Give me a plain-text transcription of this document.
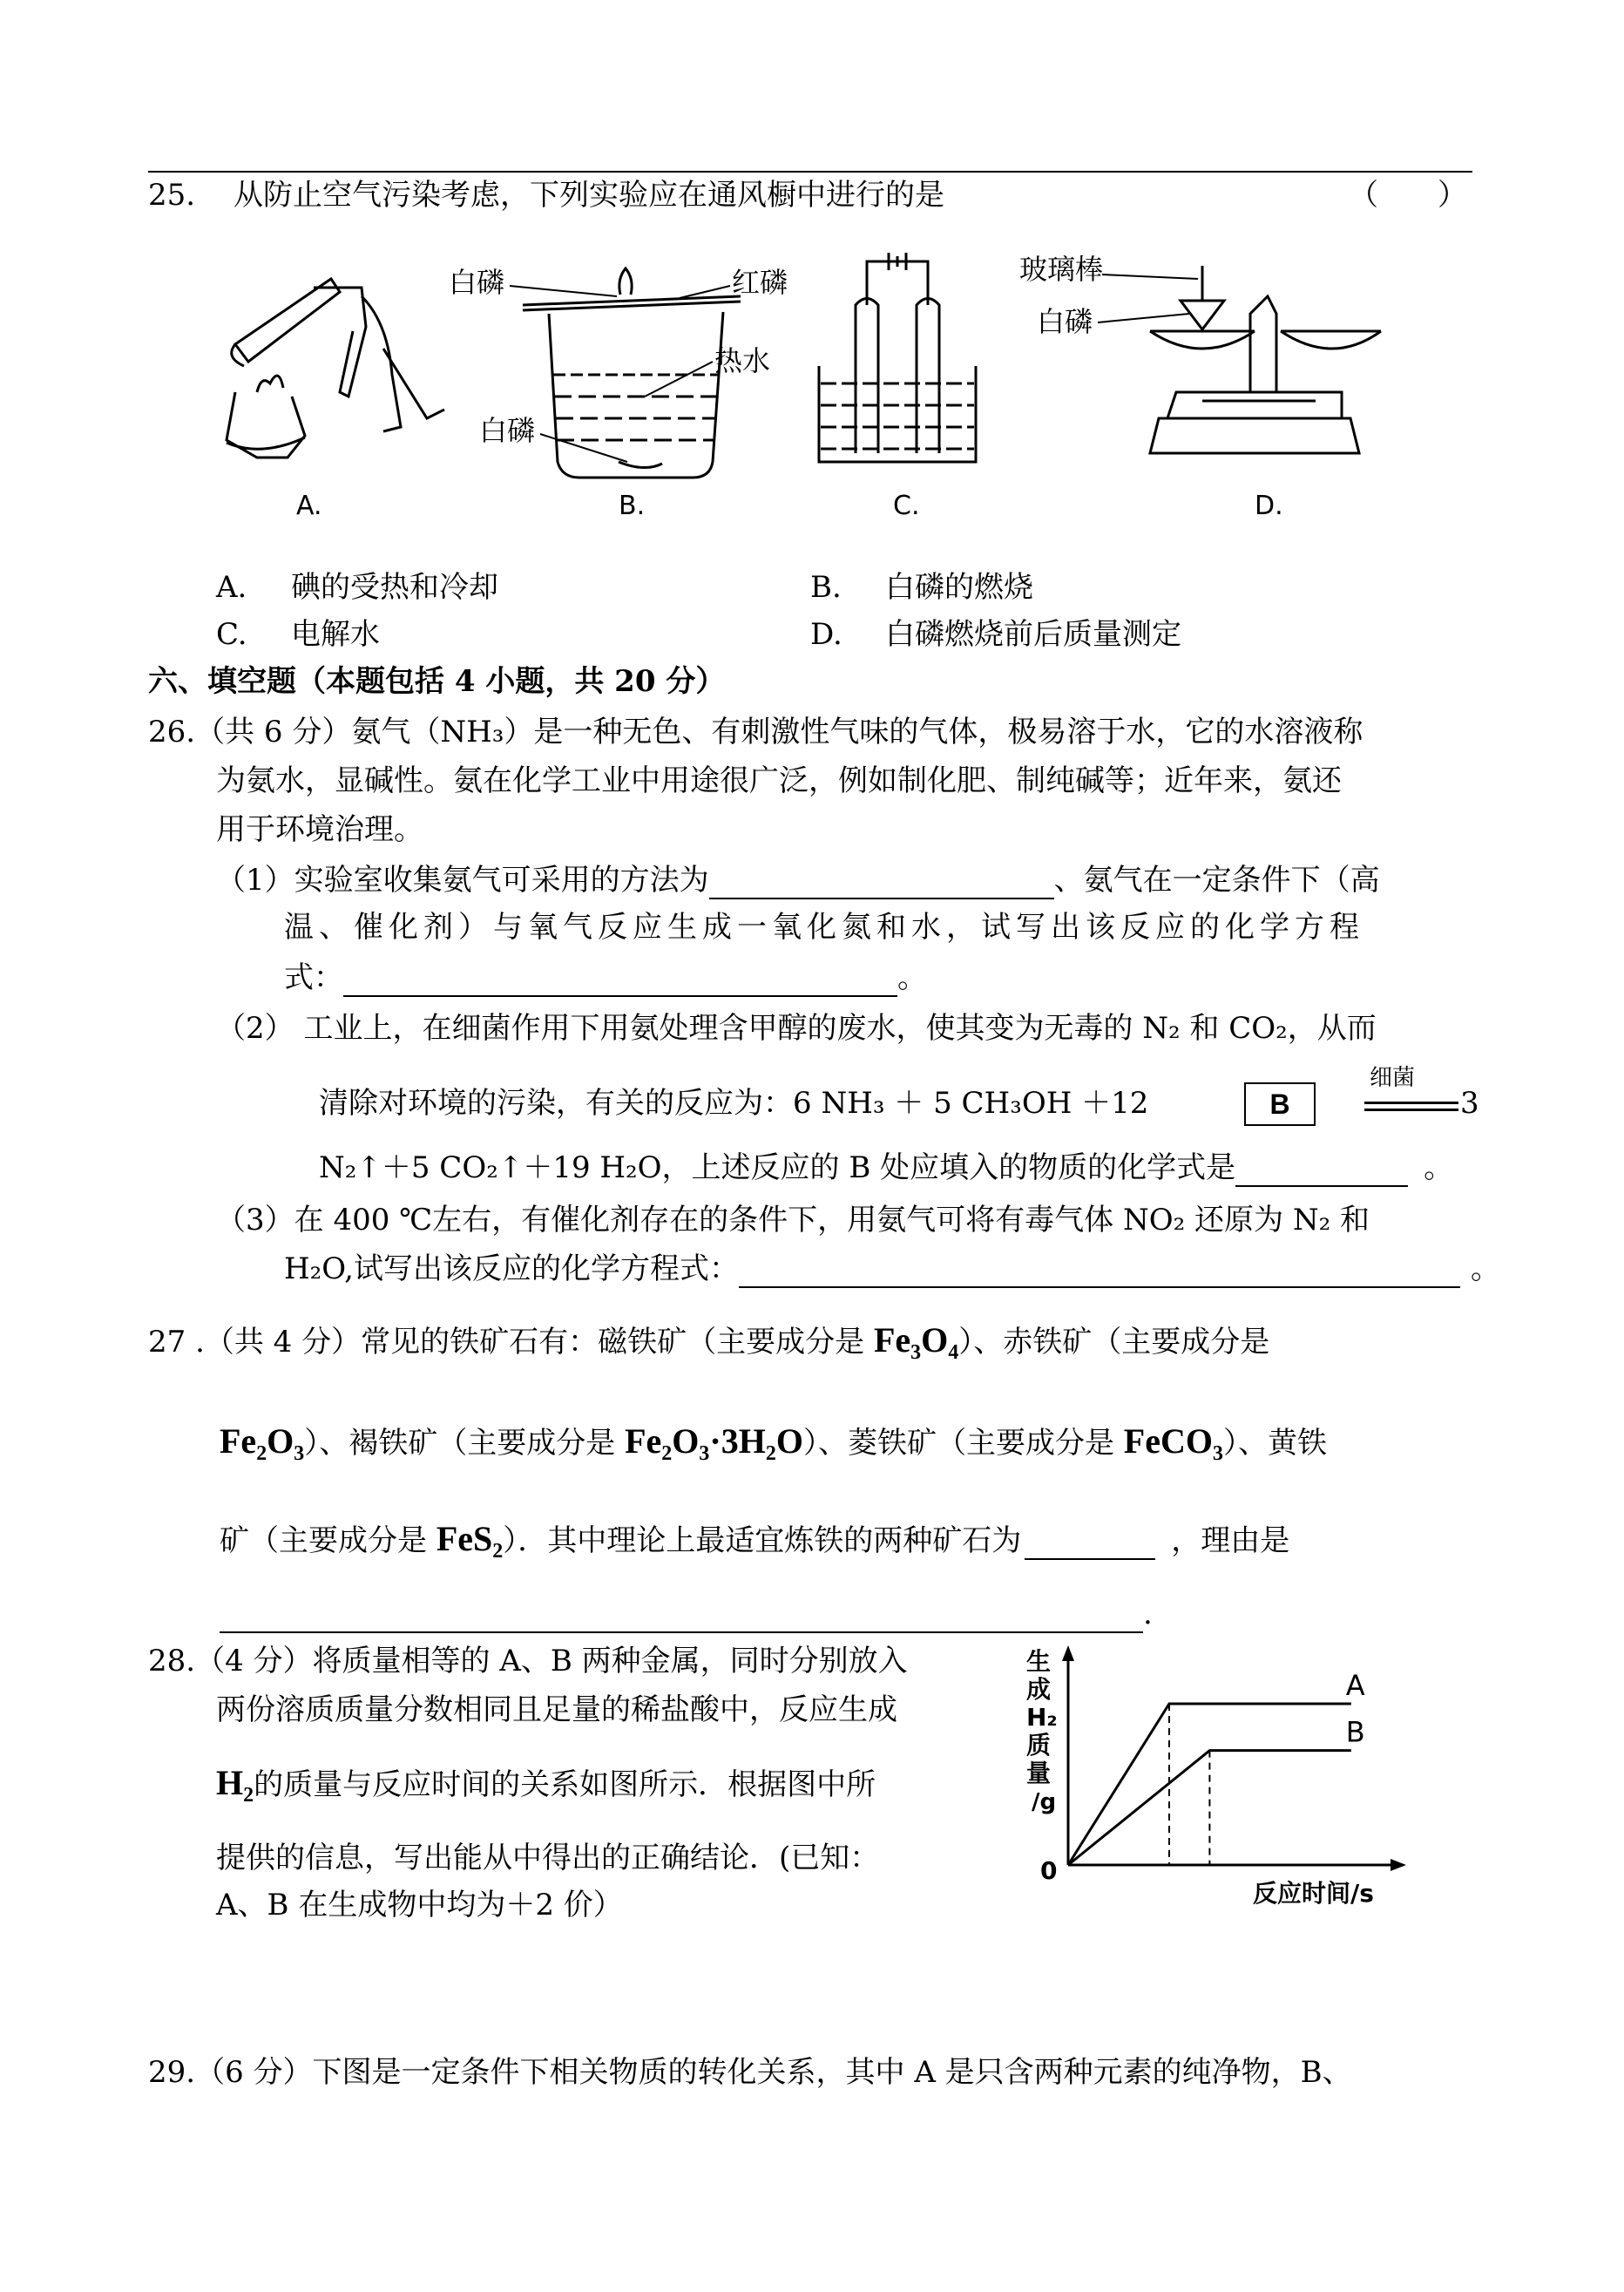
25. 从防止空气污染考虑，下列实验应在通风橱中进行的是	（　　）
A.
白磷	红磷
热水
白磷
B.	C.
玻璃棒
白磷
D.
A. 碘的受热和冷却	B. 白磷的燃烧
C. 电解水	D. 白磷燃烧前后质量测定
六、填空题（本题包括 4 小题，共 20 分）
26.（共 6 分）氨气（NH₃）是一种无色、有刺激性气味的气体，极易溶于水，它的水溶液称
为氨水，显碱性。氨在化学工业中用途很广泛，例如制化肥、制纯碱等；近年来，氨还
用于环境治理。
（1）实验室收集氨气可采用的方法为	、氨气在一定条件下（高
温、催化剂）与氧气反应生成一氧化氮和水，试写出该反应的化学方程
式：	。
（2） 工业上，在细菌作用下用氨处理含甲醇的废水，使其变为无毒的 N₂ 和 CO₂，从而
清除对环境的污染，有关的反应为：6 NH₃ ＋ 5 CH₃OH ＋12	B
细菌
3
N₂↑＋5 CO₂↑＋19 H₂O，上述反应的 B 处应填入的物质的化学式是	。
（3）在 400 ℃左右，有催化剂存在的条件下，用氨气可将有毒气体 NO₂ 还原为 N₂ 和
H₂O,试写出该反应的化学方程式：	。
27 .（共 4 分）常见的铁矿石有：磁铁矿（主要成分是 Fe₃O₄）、赤铁矿（主要成分是
Fe₂O₃）、褐铁矿（主要成分是 Fe₂O₃·3H₂O）、菱铁矿（主要成分是 FeCO₃）、黄铁
矿（主要成分是 FeS₂）．其中理论上最适宜炼铁的两种矿石为	，理由是
.
28.（4 分）将质量相等的 A、B 两种金属，同时分别放入
两份溶质质量分数相同且足量的稀盐酸中，反应生成
H₂的质量与反应时间的关系如图所示．根据图中所
提供的信息，写出能从中得出的正确结论．(已知：
A、B 在生成物中均为＋2 价）
生
成
H₂
质
量
/g
0
反应时间/s
A
B
29.（6 分）下图是一定条件下相关物质的转化关系，其中 A 是只含两种元素的纯净物，B、
